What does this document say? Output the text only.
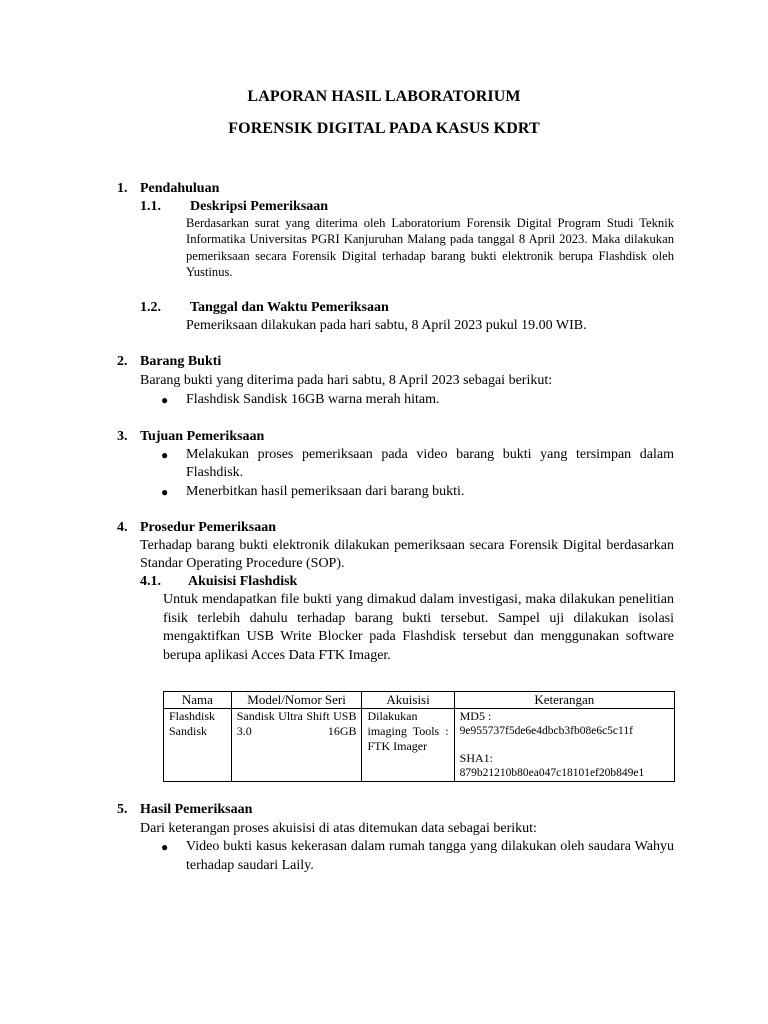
LAPORAN HASIL LABORATORIUM
FORENSIK DIGITAL PADA KASUS KDRT
1. Pendahuluan
1.1. Deskripsi Pemeriksaan
Berdasarkan surat yang diterima oleh Laboratorium Forensik Digital Program Studi Teknik Informatika Universitas PGRI Kanjuruhan Malang pada tanggal 8 April 2023. Maka dilakukan pemeriksaan secara Forensik Digital terhadap barang bukti elektronik berupa Flashdisk oleh Yustinus.
1.2. Tanggal dan Waktu Pemeriksaan
Pemeriksaan dilakukan pada hari sabtu, 8 April 2023 pukul 19.00 WIB.
2. Barang Bukti
Barang bukti yang diterima pada hari sabtu, 8 April 2023 sebagai berikut:
● Flashdisk Sandisk 16GB warna merah hitam.
3. Tujuan Pemeriksaan
● Melakukan proses pemeriksaan pada video barang bukti yang tersimpan dalam Flashdisk.
● Menerbitkan hasil pemeriksaan dari barang bukti.
4. Prosedur Pemeriksaan
Terhadap barang bukti elektronik dilakukan pemeriksaan secara Forensik Digital berdasarkan Standar Operating Procedure (SOP).
4.1. Akuisisi Flashdisk
Untuk mendapatkan file bukti yang dimakud dalam investigasi, maka dilakukan penelitian fisik terlebih dahulu terhadap barang bukti tersebut. Sampel uji dilakukan isolasi mengaktifkan USB Write Blocker pada Flashdisk tersebut dan menggunakan software berupa aplikasi Acces Data FTK Imager.
Nama	Model/Nomor Seri	Akuisisi	Keterangan
Flashdisk Sandisk	Sandisk Ultra Shift USB 3.0 16GB	Dilakukan imaging Tools : FTK Imager	MD5 :
9e955737f5de6e4dbcb3fb08e6c5c11f
SHA1:
879b21210b80ea047c18101ef20b849e1
5. Hasil Pemeriksaan
Dari keterangan proses akuisisi di atas ditemukan data sebagai berikut:
● Video bukti kasus kekerasan dalam rumah tangga yang dilakukan oleh saudara Wahyu terhadap saudari Laily.
